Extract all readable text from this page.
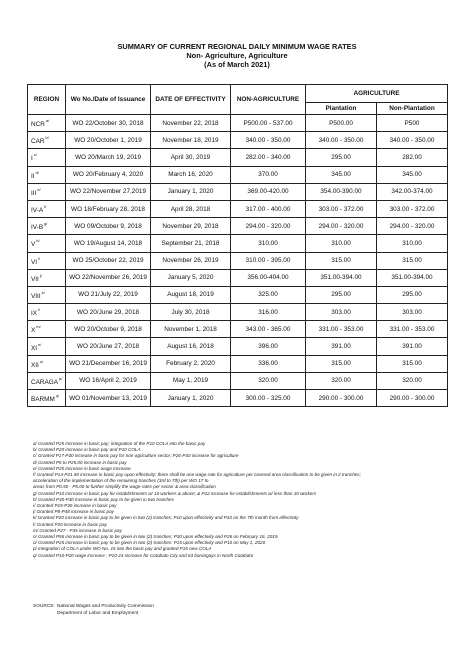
SUMMARY OF CURRENT REGIONAL DAILY MINIMUM WAGE RATES
Non- Agriculture, Agriculture
(As of March 2021)
REGION	Wo No./Date of Issuance	DATE OF EFFECTIVITY	NON-AGRICULTURE	AGRICULTURE	
				Plantation	Non-Plantation
$NCR^{a/}$	WO 22/October 30, 2018	November 22, 2018	P500.00 - 537.00	P500.00	P500
$CAR^{b/}$	WO 20/October 1, 2019	November 18, 2019	340.00 - 350.00	340.00 - 350.00	340.00 - 350.00
$I^{c/}$	WO 20/March 19, 2019	April 30, 2019	282.00 - 340.00	295.00	282.00
$II^{d/}$	WO 20/February 4, 2020	March 16, 2020	370.00	345.00	345.00
$III^{e/}$	WO 22/November 27,2019	January 1, 2020	369.00-420.00	354.00-390.00	342.00-374.00
$IV-A^{f/}$	WO 18/February 28, 2018	April 28, 2018	317.00 - 400.00	303.00 - 372.00	303.00 - 372.00
$IV-B^{g/}$	WO 09/October 9, 2018	November 29, 2018	294.00 - 320.00	294.00 - 320.00	294.00 - 320.00
$V^{h/}$	WO 19/August 14, 2018	September 21, 2018	310.00	310.00	310.00
$VI^{i/}$	WO 25/October 22, 2019	November 26, 2019	310.00 - 395.00	315.00	315.00
$VII^{j/}$	WO 22/November 26, 2019	January 5, 2020	356.00-404.00	351.00-394.00	351.00-394.00
$VIII^{k/}$	WO 21/July 22, 2019	August 18, 2019	325.00	295.00	295.00
$IX^{l/}$	WO 20/June 29, 2018	July 30, 2018	316.00	303.00	303.00
$X^{m/}$	WO 20/October 9, 2018	November 1, 2018	343.00 - 365.00	331.00 - 353.00	331.00 - 353.00
$XI^{n/}$	WO 20/June 27, 2018	August 16, 2018	396.00	391.00	391.00
$XII^{o/}$	WO 21/December 16, 2019	February 2, 2020	336.00	315.00	315.00
$CARAGA^{p/}$	WO 16/April 2, 2019	May 1, 2019	320.00	320.00	320.00
$BARMM^{q/}$	WO 01/November 13, 2019	January 1, 2020	300.00 - 325.00	290.00 - 300.00	290.00 - 300.00
a/ Granted P25 increase in basic pay; integration of the P10 COLA into the basic pay
b/ Granted P20 increase in basic pay and P10 COLA
c/ Granted P17-P30 increase in basic pay for non-agriculture sector; P26-P30 increase for agriculture
d/ Granted P5 to P25.00 increase in basic pay
e/ Granted P20 increase in basic wage increase.
f/ Granted P14-P21.50 increase in basic pay upon effectivity; there shall be one wage rate for agriculture per covered area classification to be given in 2 tranches;
acceleration of the implementation of the remaining tranches (3rd to 7th) per WO 17 to
areas from P0.50 - P5.00 to further simplify the wage rates per sector & area classification
g/ Granted P10 increase in basic pay for establishments w/ 10 workers & above; & P12 increase for establishments w/ less than 10 workers
h/ Granted P30-P30 increase in basic pay to be given in two tranches
i/ Granted P15-P30 increase in basic pay
j/ Granted P8-P48 increase in basic pay
k/ Granted P20 increase in basic pay to be given in two (2) tranches; P10 upon effectivity and P10 on the 7th month from effectivity
l/ Granted P20 increase in basic pay
m/ Granted P27 - P35 increase in basic pay
n/ Granted P56 increase in basic pay to be given in two (2) tranches; P30 upon effectivity and P26 on February 16, 2019.
o/ Granted P25 increase in basic pay to be given in two (2) tranches: P15 upon effectivity and P10 on May 1, 2020
p/ Integration of COLA under WO No. 15 into the basic pay and granted P15 new COLA
q/ Granted P10-P20 wage increase ; P10-24 increase for Cotabato City and 63 barangays in North Cotabato
SOURCE: National Wages and Productivity Commission
Department of Labor and Employment
